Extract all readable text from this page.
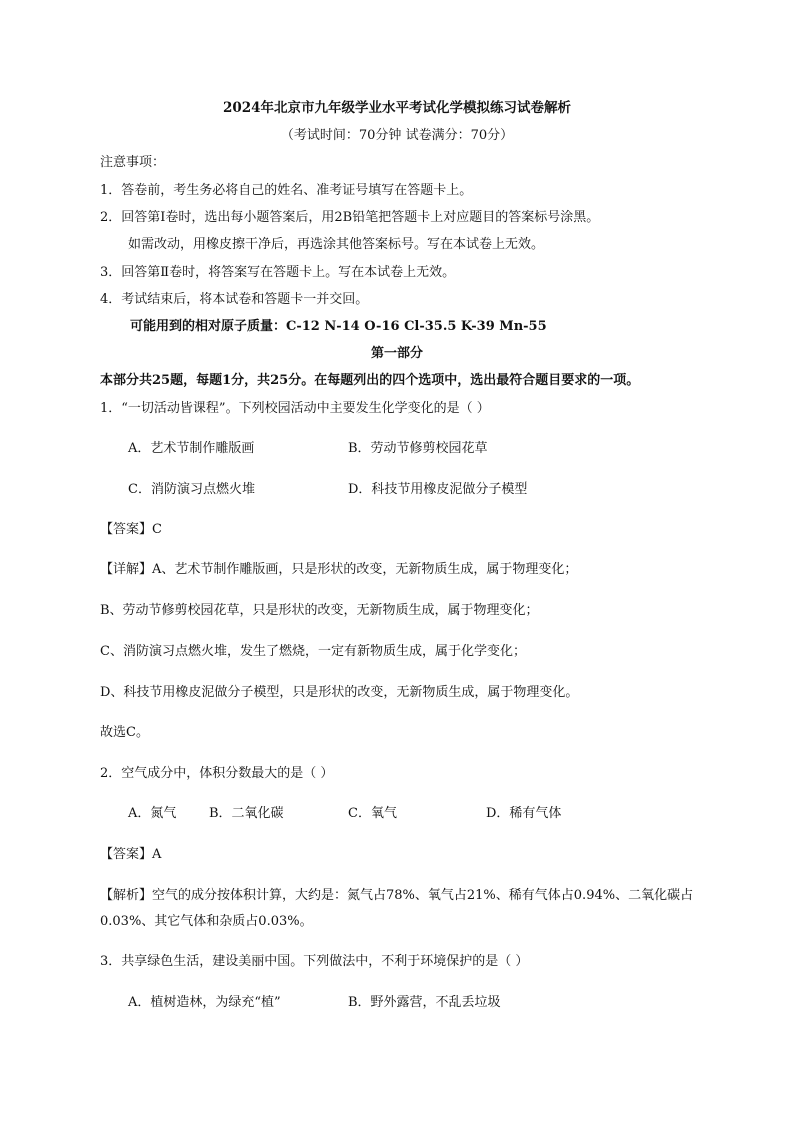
2024年北京市九年级学业水平考试化学模拟练习试卷解析
（考试时间：70分钟 试卷满分：70分）
注意事项：
1．答卷前，考生务必将自己的姓名、准考证号填写在答题卡上。
2．回答第Ⅰ卷时，选出每小题答案后，用2B铅笔把答题卡上对应题目的答案标号涂黑。
如需改动，用橡皮擦干净后，再选涂其他答案标号。写在本试卷上无效。
3．回答第Ⅱ卷时，将答案写在答题卡上。写在本试卷上无效。
4．考试结束后，将本试卷和答题卡一并交回。
可能用到的相对原子质量：C-12 N-14 O-16 Cl-35.5 K-39 Mn-55
第一部分
本部分共25题，每题1分，共25分。在每题列出的四个选项中，选出最符合题目要求的一项。
1．“一切活动皆课程”。下列校园活动中主要发生化学变化的是（ ）
A．艺术节制作雕版画	B．劳动节修剪校园花草
C．消防演习点燃火堆	D．科技节用橡皮泥做分子模型
【答案】C
【详解】A、艺术节制作雕版画，只是形状的改变，无新物质生成，属于物理变化；
B、劳动节修剪校园花草，只是形状的改变，无新物质生成，属于物理变化；
C、消防演习点燃火堆，发生了燃烧，一定有新物质生成，属于化学变化；
D、科技节用橡皮泥做分子模型，只是形状的改变，无新物质生成，属于物理变化。
故选C。
2．空气成分中，体积分数最大的是（ ）
A．氮气	B．二氧化碳	C．氧气	D．稀有气体
【答案】A
【解析】空气的成分按体积计算，大约是：氮气占78%、氧气占21%、稀有气体占0.94%、二氧化碳占
0.03%、其它气体和杂质占0.03%。
3．共享绿色生活，建设美丽中国。下列做法中，不利于环境保护的是（ ）
A．植树造林，为绿充“植”	B．野外露营，不乱丢垃圾
